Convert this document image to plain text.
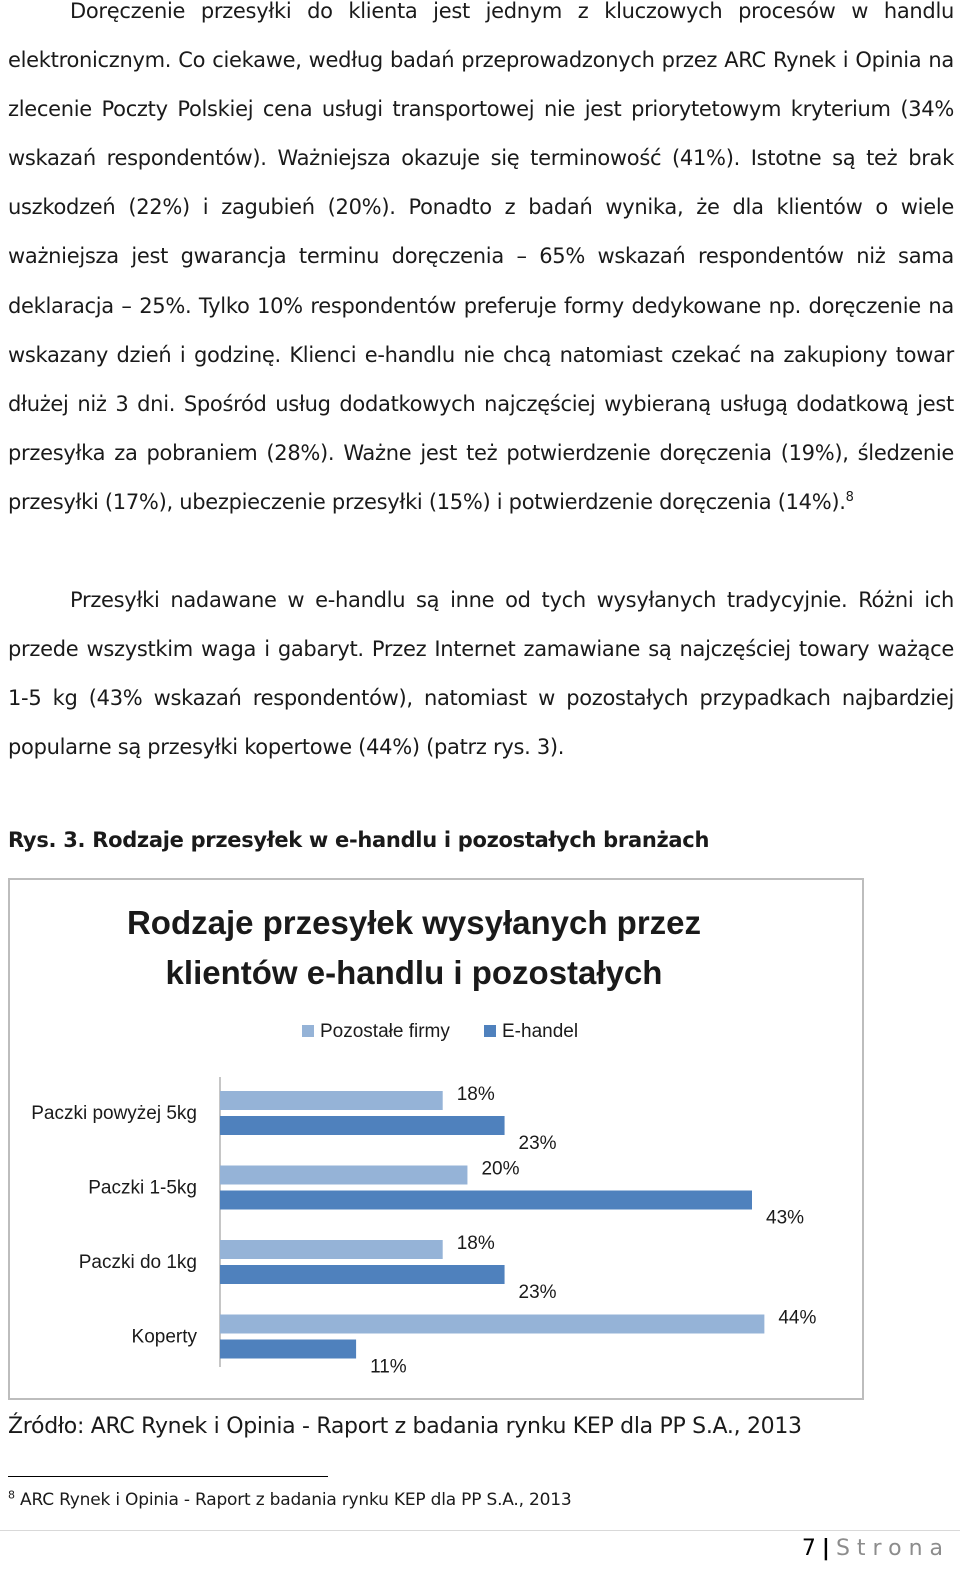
Doręczenie przesyłki do klienta jest jednym z kluczowych procesów w handlu elektronicznym. Co ciekawe, według badań przeprowadzonych przez ARC Rynek i Opinia na zlecenie Poczty Polskiej cena usługi transportowej nie jest priorytetowym kryterium (34% wskazań respondentów). Ważniejsza okazuje się terminowość (41%). Istotne są też brak uszkodzeń (22%) i zagubień (20%). Ponadto z badań wynika, że dla klientów o wiele ważniejsza jest gwarancja terminu doręczenia – 65% wskazań respondentów niż sama deklaracja – 25%. Tylko 10% respondentów preferuje formy dedykowane np. doręczenie na wskazany dzień i godzinę. Klienci e-handlu nie chcą natomiast czekać na zakupiony towar dłużej niż 3 dni. Spośród usług dodatkowych najczęściej wybieraną usługą dodatkową jest przesyłka za pobraniem (28%). Ważne jest też potwierdzenie doręczenia (19%), śledzenie przesyłki (17%), ubezpieczenie przesyłki (15%) i potwierdzenie doręczenia (14%).$^8$

Przesyłki nadawane w e-handlu są inne od tych wysyłanych tradycyjnie. Różni ich przede wszystkim waga i gabaryt. Przez Internet zamawiane są najczęściej towary ważące 1-5 kg (43% wskazań respondentów), natomiast w pozostałych przypadkach najbardziej popularne są przesyłki kopertowe (44%) (patrz rys. 3).

Rys. 3. Rodzaje przesyłek w e-handlu i pozostałych branżach
Rodzaje przesyłek wysyłanych przez
klientów e-handlu i pozostałych
Pozostałe firmy	E-handel
Paczki powyżej 5kg
18%
23%
Paczki 1-5kg
20%
43%
Paczki do 1kg
18%
23%
Koperty
44%
11%
Źródło: ARC Rynek i Opinia - Raport z badania rynku KEP dla PP S.A., 2013
$^8$ ARC Rynek i Opinia - Raport z badania rynku KEP dla PP S.A., 2013
7 | Strona
